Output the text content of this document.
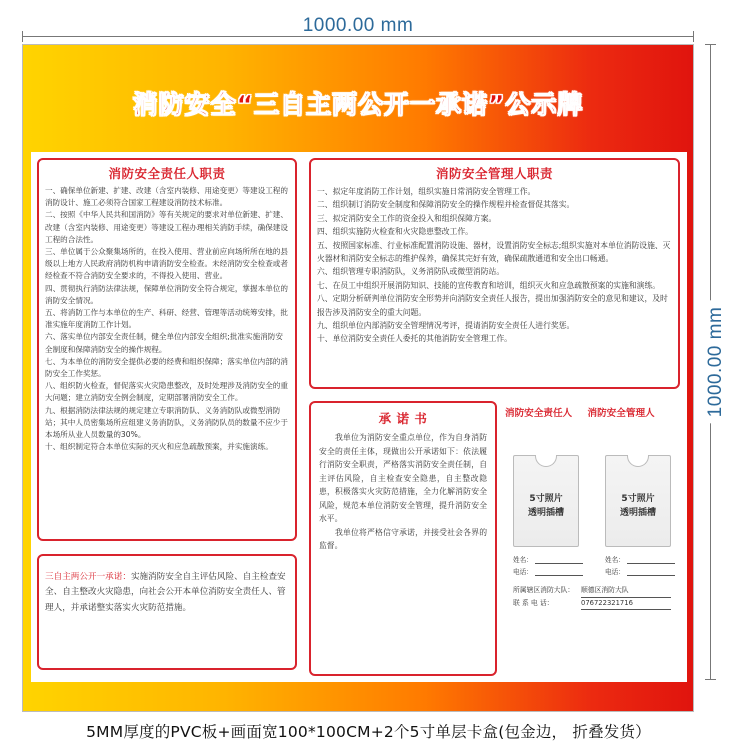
1000.00 mm
1000.00 mm
消防安全“三自主两公开一承诺”公示牌
消防安全责任人职责
一、确保单位新建、扩建、改建（含室内装修、用途变更）等建设工程的消防设计、施工必须符合国家工程建设消防技术标准。
二、按照《中华人民共和国消防》等有关规定的要求对单位新建、扩建、改建（含室内装修、用途变更）等建设工程办理相关消防手续，确保建设工程的合法性。
三、单位属于公众聚集场所的，在投入使用、营业前应向场所所在地的县级以上地方人民政府消防机构申请消防安全检查。未经消防安全检查或者经检查不符合消防安全要求的，不得投入使用、营业。
四、贯彻执行消防法律法规，保障单位消防安全符合规定，掌握本单位的消防安全情况。
五、将消防工作与本单位的生产、科研、经营、管理等活动统筹安排，批准实施年度消防工作计划。
六、落实单位内部安全责任制，健全单位内部安全组织;批准实施消防安全制度和保障消防安全的操作规程。
七、为本单位的消防安全提供必要的经费和组织保障；落实单位内部的消防安全工作奖惩。
八、组织防火检查，督促落实火灾隐患整改，及时处理涉及消防安全的重大问题；建立消防安全例会制度，定期部署消防安全工作。
九、根据消防法律法规的规定建立专职消防队、义务消防队或微型消防站；其中人员密集场所应组建义务消防队，义务消防队员的数量不应少于本场所从业人员数量的30%。
十、组织制定符合本单位实际的灭火和应急疏散预案，并实施演练。
消防安全管理人职责
一、拟定年度消防工作计划，组织实施日常消防安全管理工作。
二、组织制订消防安全制度和保障消防安全的操作规程并检查督促其落实。
三、拟定消防安全工作的资金投入和组织保障方案。
四、组织实施防火检查和火灾隐患整改工作。
五、按照国家标准、行业标准配置消防设施、器材，设置消防安全标志;组织实施对本单位消防设施、灭火器材和消防安全标志的维护保养，确保其完好有效，确保疏散通道和安全出口畅通。
六、组织管理专职消防队，义务消防队或微型消防站。
七、在员工中组织开展消防知识、技能的宣传教育和培训，组织灭火和应急疏散预案的实施和演练。
八、定期分析研判单位消防安全形势并向消防安全责任人报告，提出加强消防安全的意见和建议，及时报告涉及消防安全的重大问题。
九、组织单位内部消防安全管理情况考评，提请消防安全责任人进行奖惩。
十、单位消防安全责任人委托的其他消防安全管理工作。
承 诺 书

我单位为消防安全重点单位，作为自身消防安全的责任主体，现做出公开承诺如下：依法履行消防安全职责，严格落实消防安全责任制，自主评估风险，自主检查安全隐患，自主整改隐患，积极落实火灾防范措施，全力化解消防安全风险，规范本单位消防安全管理，提升消防安全水平。

我单位将严格信守承诺，并接受社会各界的监督。

三自主两公开一承诺：实施消防安全自主评估风险、自主检查安全、自主整改火灾隐患，向社会公开本单位消防安全责任人、管理人，并承诺整实落实火灾防范措施。

消防安全责任人 消防安全管理人
5寸照片
透明插槽
5寸照片
透明插槽
姓名：
电话：
姓名：
电话：
所属辖区消防大队： 顺德区消防大队
联 系 电 话：	076722321716
5MM厚度的PVC板+画面宽100*100CM+2个5寸单层卡盒(包金边， 折叠发货）
